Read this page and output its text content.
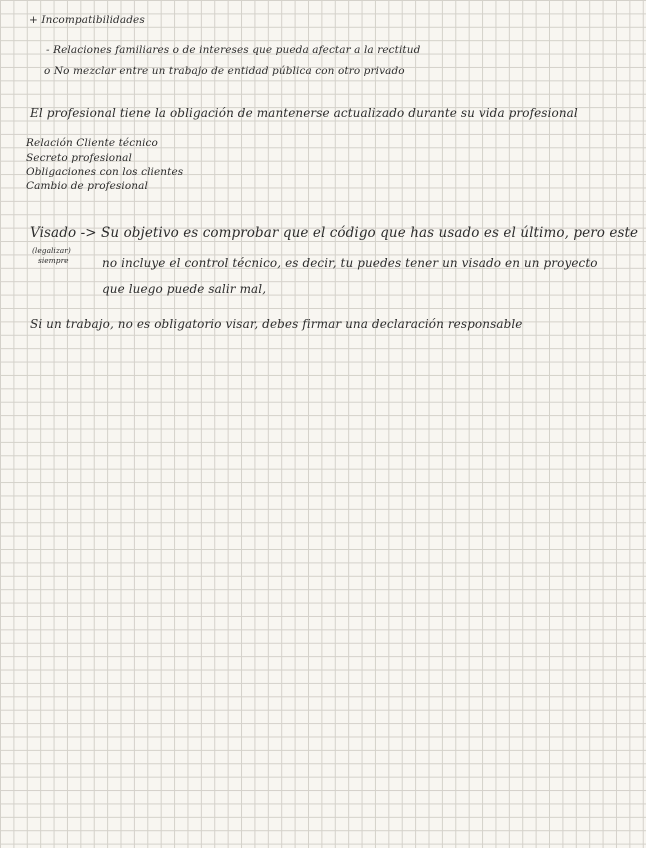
+ Incompatibilidades
- Relaciones familiares o de intereses que pueda afectar a la rectitud
o No mezclar entre un trabajo de entidad pública con otro privado
El profesional tiene la obligación de mantenerse actualizado durante su vida profesional
Relación Cliente técnico
Secreto profesional
Obligaciones con los clientes
Cambio de profesional
Visado -> Su objetivo es comprobar que el código que has usado es el último, pero este
(legalizar)
siempre	no incluye el control técnico, es decir, tu puedes tener un visado en un proyecto
que luego puede salir mal,
Si un trabajo, no es obligatorio visar, debes firmar una declaración responsable
